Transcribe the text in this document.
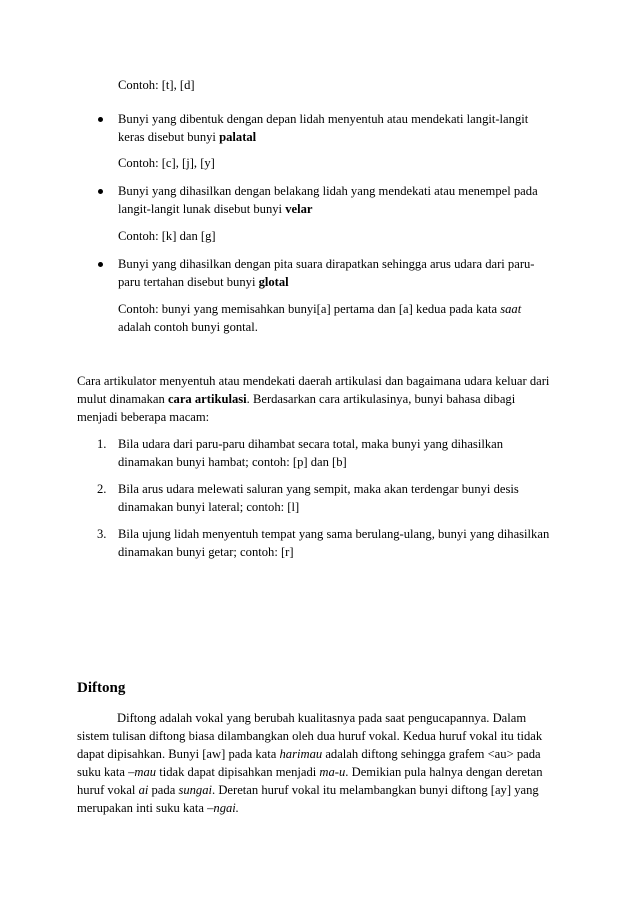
Contoh: [t], [d]
Bunyi yang dibentuk dengan depan lidah menyentuh atau mendekati langit-langit
keras disebut bunyi palatal
Contoh: [c], [j], [y]
Bunyi yang dihasilkan dengan belakang lidah yang mendekati atau menempel pada
langit-langit lunak disebut bunyi velar
Contoh: [k] dan [g]
Bunyi yang dihasilkan dengan pita suara dirapatkan sehingga arus udara dari paru-
paru tertahan disebut bunyi glotal
Contoh: bunyi yang memisahkan bunyi[a] pertama dan [a] kedua pada kata saat
adalah contoh bunyi gontal.
Cara artikulator menyentuh atau mendekati daerah artikulasi dan bagaimana udara keluar dari
mulut dinamakan cara artikulasi. Berdasarkan cara artikulasinya, bunyi bahasa dibagi
menjadi beberapa macam:
1. Bila udara dari paru-paru dihambat secara total, maka bunyi yang dihasilkan
dinamakan bunyi hambat; contoh: [p] dan [b]
2. Bila arus udara melewati saluran yang sempit, maka akan terdengar bunyi desis
dinamakan bunyi lateral; contoh: [l]
3. Bila ujung lidah menyentuh tempat yang sama berulang-ulang, bunyi yang dihasilkan
dinamakan bunyi getar; contoh: [r]
Diftong
Diftong adalah vokal yang berubah kualitasnya pada saat pengucapannya. Dalam
sistem tulisan diftong biasa dilambangkan oleh dua huruf vokal. Kedua huruf vokal itu tidak
dapat dipisahkan. Bunyi [aw] pada kata harimau adalah diftong sehingga grafem <au> pada
suku kata –mau tidak dapat dipisahkan menjadi ma-u. Demikian pula halnya dengan deretan
huruf vokal ai pada sungai. Deretan huruf vokal itu melambangkan bunyi diftong [ay] yang
merupakan inti suku kata –ngai.
